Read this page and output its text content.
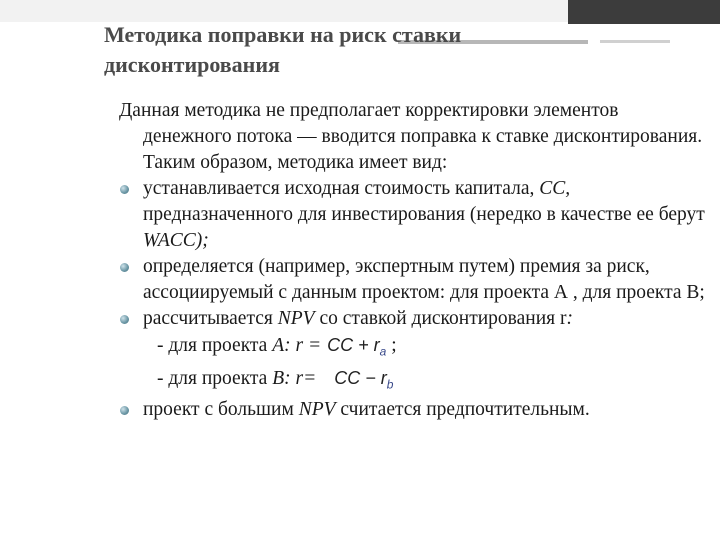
Методика поправки на риск ставки
дисконтирования

Данная методика не предполагает корректировки элементов денежного потока — вводится поправка к ставке дисконтирования. Таким образом, методика имеет вид:

устанавливается исходная стоимость капитала, CC, предназначенного для инвестирования (нередко в качестве ее берут WACC);
определяется (например, экспертным путем) премия за риск, ассоциируемый с данным проектом: для проекта А , для проекта В;
рассчитывается NPV со ставкой дисконтирования r:

- для проекта A: r = CC + $r_a$ ;

- для проекта B: r= CC − $r_b$

проект с большим NPV считается предпочтительным.
